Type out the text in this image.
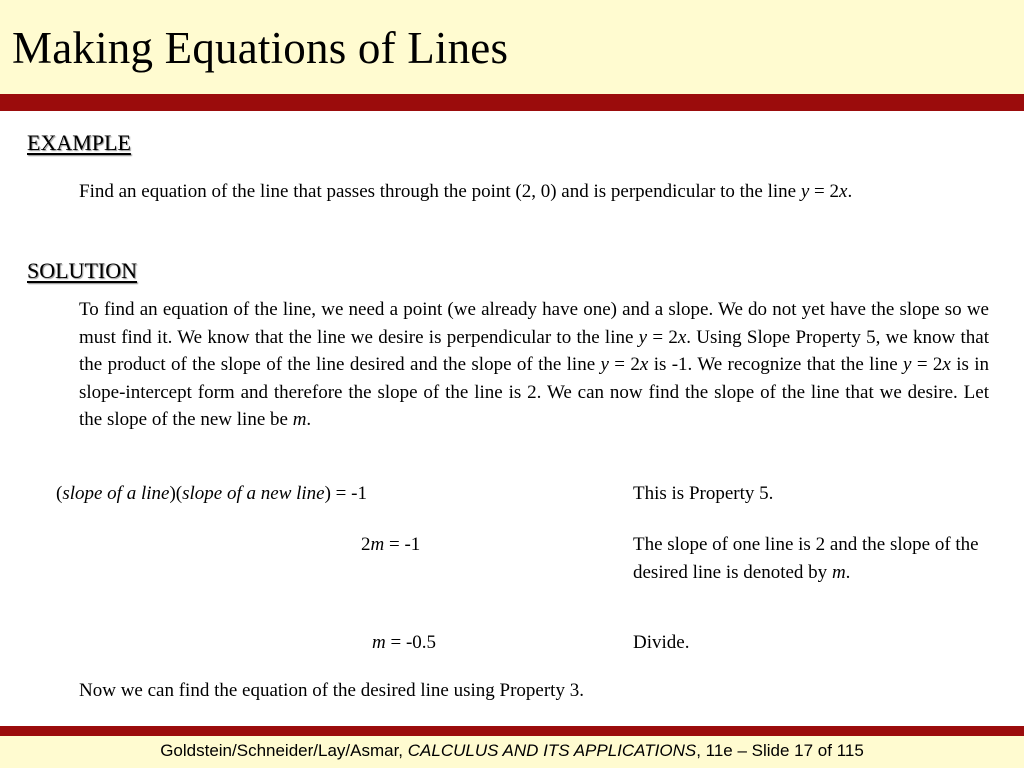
Making Equations of Lines
EXAMPLE
Find an equation of the line that passes through the point (2, 0) and is perpendicular to the line y = 2x.
SOLUTION
To find an equation of the line, we need a point (we already have one) and a slope. We do not yet have the slope so we must find it. We know that the line we desire is perpendicular to the line y = 2x. Using Slope Property 5, we know that the product of the slope of the line desired and the slope of the line y = 2x is -1. We recognize that the line y = 2x is in slope-intercept form and therefore the slope of the line is 2. We can now find the slope of the line that we desire. Let the slope of the new line be m.
(slope of a line)(slope of a new line) = -1	This is Property 5.
2m = -1	The slope of one line is 2 and the slope of the desired line is denoted by m.
m = -0.5	Divide.
Now we can find the equation of the desired line using Property 3.
Goldstein/Schneider/Lay/Asmar, CALCULUS AND ITS APPLICATIONS, 11e – Slide 17 of 115
